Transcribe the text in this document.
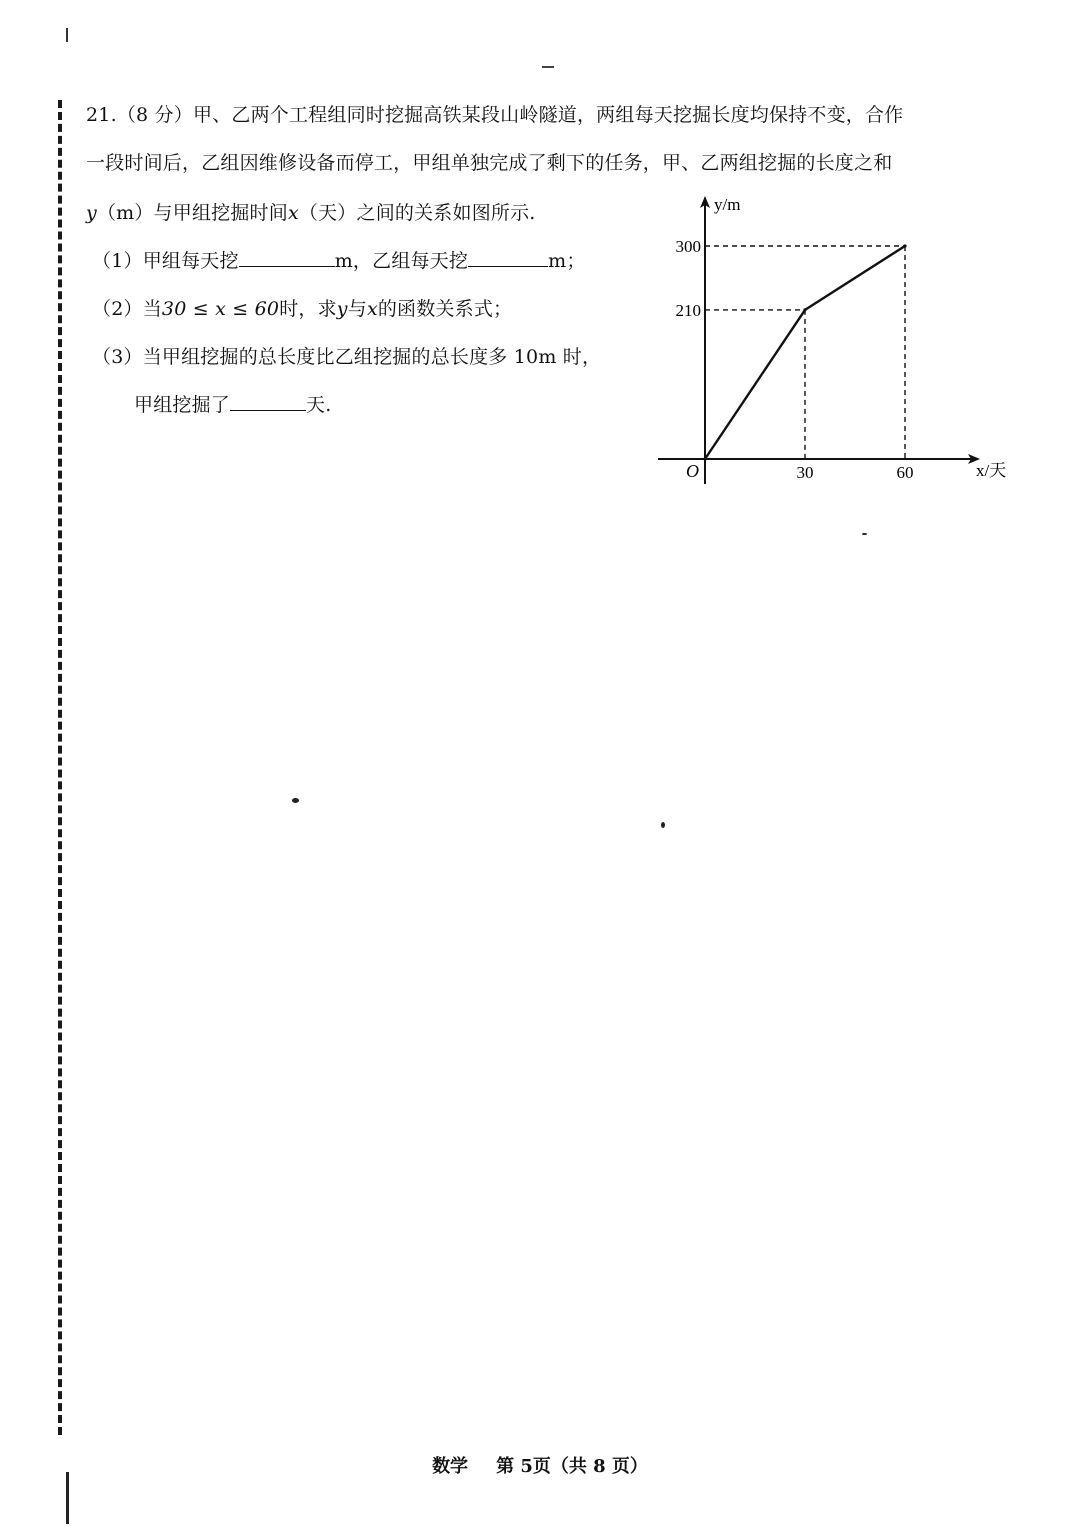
21.（8 分）甲、乙两个工程组同时挖掘高铁某段山岭隧道，两组每天挖掘长度均保持不变，合作
一段时间后，乙组因维修设备而停工，甲组单独完成了剩下的任务，甲、乙两组挖掘的长度之和
y（m）与甲组挖掘时间x（天）之间的关系如图所示.
（1）甲组每天挖	m，乙组每天挖	m；
（2）当30 ≤ x ≤ 60时，求y与x的函数关系式；
（3）当甲组挖掘的总长度比乙组挖掘的总长度多 10m 时，
甲组挖掘了	天.
30	60
210
300
y/m
x/天
O
数学 第 5页（共 8 页）
